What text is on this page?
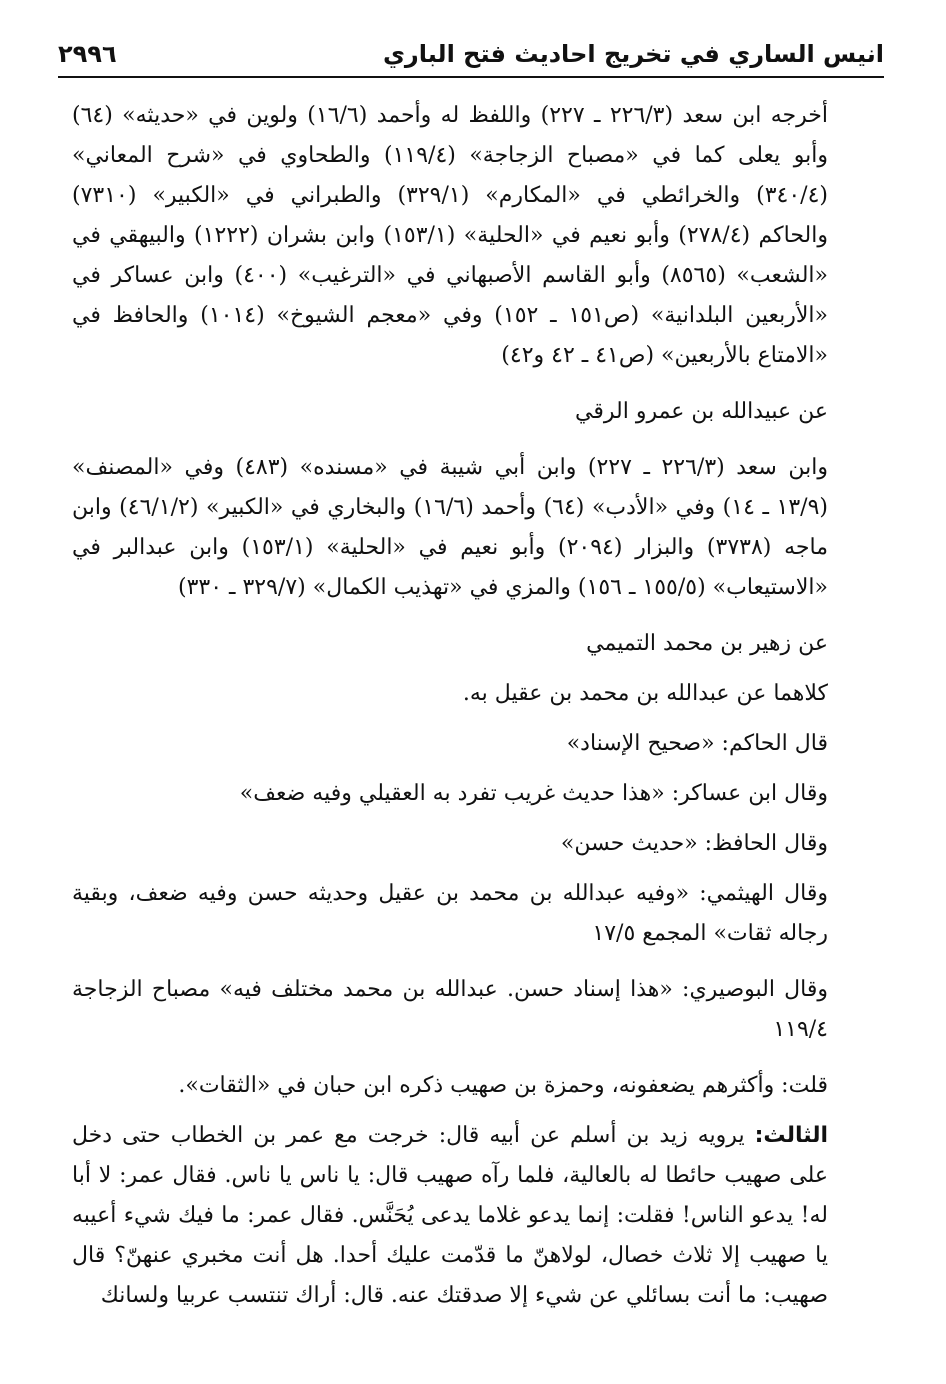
انيس الساري في تخريج احاديث فتح الباري
٢٩٩٦

أخرجه ابن سعد (٢٢٦/٣ ـ ٢٢٧) واللفظ له وأحمد (١٦/٦) ولوين في «حديثه» (٦٤) وأبو يعلى كما في «مصباح الزجاجة» (١١٩/٤) والطحاوي في «شرح المعاني» (٣٤٠/٤) والخرائطي في «المكارم» (٣٢٩/١) والطبراني في «الكبير» (٧٣١٠) والحاكم (٢٧٨/٤) وأبو نعيم في «الحلية» (١٥٣/١) وابن بشران (١٢٢٢) والبيهقي في «الشعب» (٨٥٦٥) وأبو القاسم الأصبهاني في «الترغيب» (٤٠٠) وابن عساكر في «الأربعين البلدانية» (ص١٥١ ـ ١٥٢) وفي «معجم الشيوخ» (١٠١٤) والحافظ في «الامتاع بالأربعين» (ص٤١ ـ ٤٢ و٤٢)

عن عبيدالله بن عمرو الرقي

وابن سعد (٢٢٦/٣ ـ ٢٢٧) وابن أبي شيبة في «مسنده» (٤٨٣) وفي «المصنف» (١٣/٩ ـ ١٤) وفي «الأدب» (٦٤) وأحمد (١٦/٦) والبخاري في «الكبير» (٤٦/١/٢) وابن ماجه (٣٧٣٨) والبزار (٢٠٩٤) وأبو نعيم في «الحلية» (١٥٣/١) وابن عبدالبر في «الاستيعاب» (١٥٥/٥ ـ ١٥٦) والمزي في «تهذيب الكمال» (٣٢٩/٧ ـ ٣٣٠)

عن زهير بن محمد التميمي

كلاهما عن عبدالله بن محمد بن عقيل به.

قال الحاكم: «صحيح الإسناد»

وقال ابن عساكر: «هذا حديث غريب تفرد به العقيلي وفيه ضعف»

وقال الحافظ: «حديث حسن»

وقال الهيثمي: «وفيه عبدالله بن محمد بن عقيل وحديثه حسن وفيه ضعف، وبقية رجاله ثقات» المجمع ١٧/٥

وقال البوصيري: «هذا إسناد حسن. عبدالله بن محمد مختلف فيه» مصباح الزجاجة ١١٩/٤

قلت: وأكثرهم يضعفونه، وحمزة بن صهيب ذكره ابن حبان في «الثقات».

الثالث: يرويه زيد بن أسلم عن أبيه قال: خرجت مع عمر بن الخطاب حتى دخل على صهيب حائطا له بالعالية، فلما رآه صهيب قال: يا ناس يا ناس. فقال عمر: لا أبا له! يدعو الناس! فقلت: إنما يدعو غلاما يدعى يُحَنَّس. فقال عمر: ما فيك شيء أعيبه يا صهيب إلا ثلاث خصال، لولاهنّ ما قدّمت عليك أحدا. هل أنت مخبري عنهنّ؟ قال صهيب: ما أنت بسائلي عن شيء إلا صدقتك عنه. قال: أراك تنتسب عربيا ولسانك
